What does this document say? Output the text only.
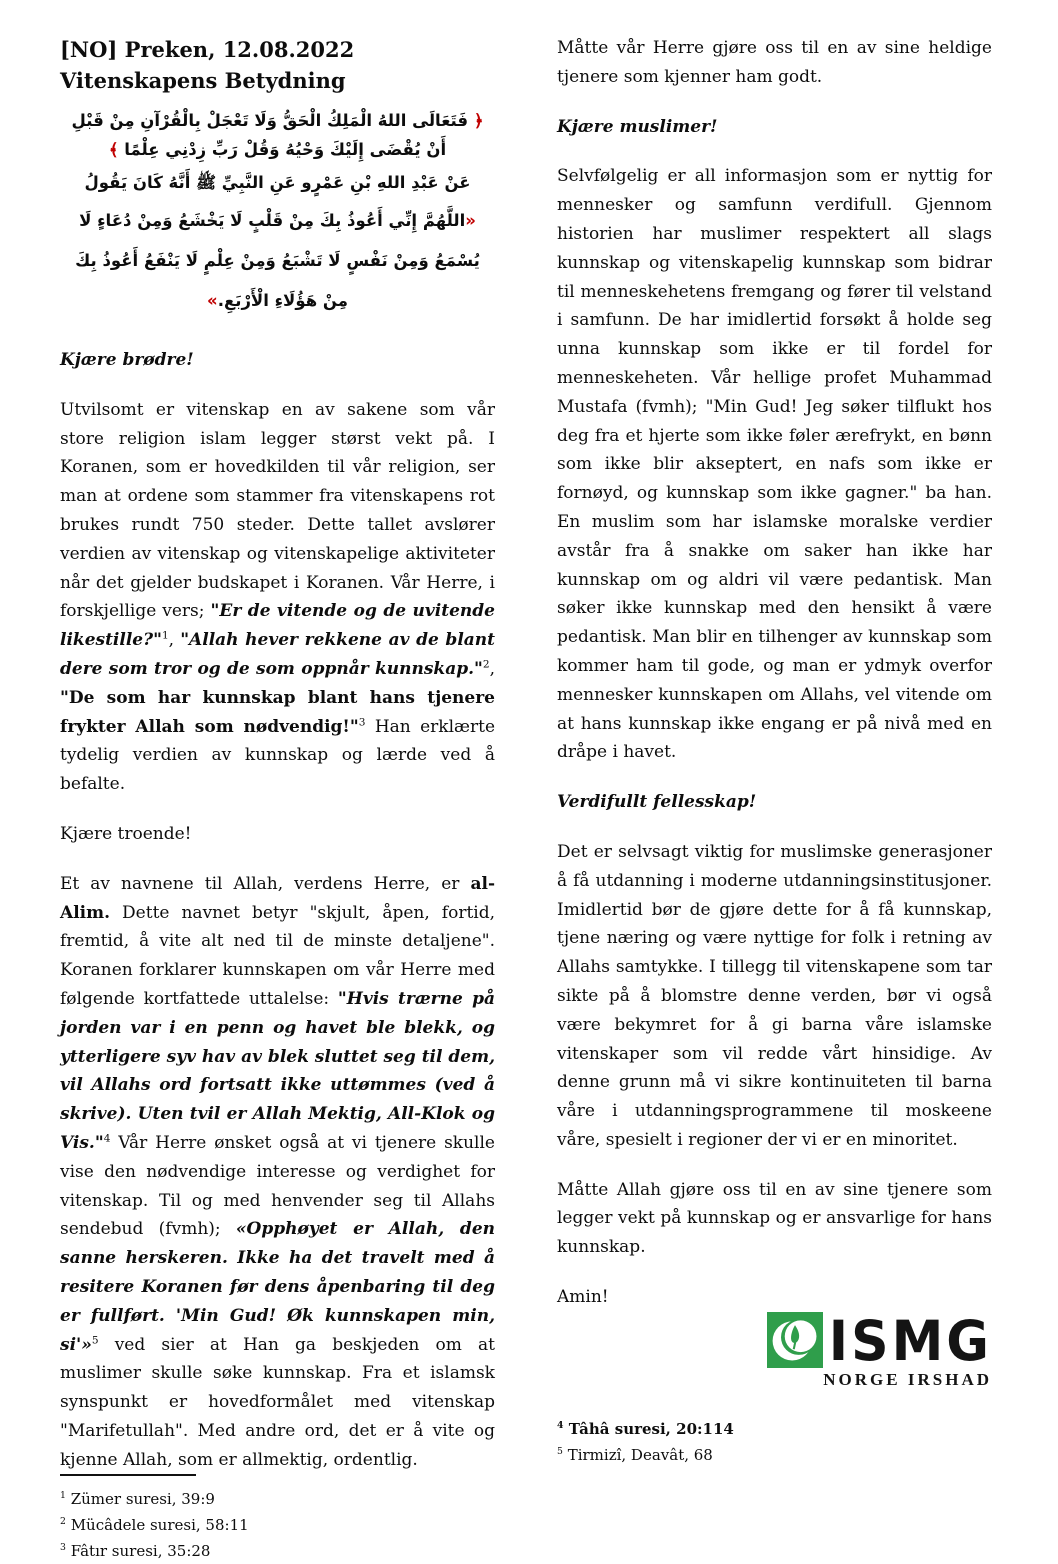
[NO] Preken, 12.08.2022
Vitenskapens Betydning
﴿ فَتَعَالَى اللهُ الْمَلِكُ الْحَقُّ وَلَا تَعْجَلْ بِالْقُرْآنِ مِنْ قَبْلِ أَنْ يُقْضَى إِلَيْكَ وَحْيُهُ وَقُلْ رَبِّ زِدْنِي عِلْمًا ﴾
عَنْ عَبْدِ اللهِ بْنِ عَمْرٍو عَنِ النَّبِيِّ ﷺ أَنَّهُ كَانَ يَقُولُ
«اللَّهُمَّ إِنِّي أَعُوذُ بِكَ مِنْ قَلْبٍ لَا يَخْشَعُ وَمِنْ دُعَاءٍ لَا يُسْمَعُ وَمِنْ نَفْسٍ لَا تَشْبَعُ وَمِنْ عِلْمٍ لَا يَنْفَعُ أَعُوذُ بِكَ مِنْ هَؤُلَاءِ الْأَرْبَعِ.»

Kjære brødre!

Utvilsomt er vitenskap en av sakene som vår store religion islam legger størst vekt på. I Koranen, som er hovedkilden til vår religion, ser man at ordene som stammer fra vitenskapens rot brukes rundt 750 steder. Dette tallet avslører verdien av vitenskap og vitenskapelige aktiviteter når det gjelder budskapet i Koranen. Vår Herre, i forskjellige vers; "Er de vitende og de uvitende likestille?"$^1$, "Allah hever rekkene av de blant dere som tror og de som oppnår kunnskap."$^2$, "De som har kunnskap blant hans tjenere frykter Allah som nødvendig!"$^3$ Han erklærte tydelig verdien av kunnskap og lærde ved å befalte.

Kjære troende!

Et av navnene til Allah, verdens Herre, er al-Alim. Dette navnet betyr "skjult, åpen, fortid, fremtid, å vite alt ned til de minste detaljene". Koranen forklarer kunnskapen om vår Herre med følgende kortfattede uttalelse: "Hvis trærne på jorden var i en penn og havet ble blekk, og ytterligere syv hav av blek sluttet seg til dem, vil Allahs ord fortsatt ikke uttømmes (ved å skrive). Uten tvil er Allah Mektig, All-Klok og Vis."$^4$ Vår Herre ønsket også at vi tjenere skulle vise den nødvendige interesse og verdighet for vitenskap. Til og med henvender seg til Allahs sendebud (fvmh); «Opphøyet er Allah, den sanne herskeren. Ikke ha det travelt med å resitere Koranen før dens åpenbaring til deg er fullført. 'Min Gud! Øk kunnskapen min, si'»$^5$ ved sier at Han ga beskjeden om at muslimer skulle søke kunnskap. Fra et islamsk synspunkt er hovedformålet med vitenskap "Marifetullah". Med andre ord, det er å vite og kjenne Allah, som er allmektig, ordentlig.

$^1$ Zümer suresi, 39:9
$^2$ Mücâdele suresi, 58:11
$^3$ Fâtır suresi, 35:28

Måtte vår Herre gjøre oss til en av sine heldige tjenere som kjenner ham godt.

Kjære muslimer!

Selvfølgelig er all informasjon som er nyttig for mennesker og samfunn verdifull. Gjennom historien har muslimer respektert all slags kunnskap og vitenskapelig kunnskap som bidrar til menneskehetens fremgang og fører til velstand i samfunn. De har imidlertid forsøkt å holde seg unna kunnskap som ikke er til fordel for menneskeheten. Vår hellige profet Muhammad Mustafa (fvmh); "Min Gud! Jeg søker tilflukt hos deg fra et hjerte som ikke føler ærefrykt, en bønn som ikke blir akseptert, en nafs som ikke er fornøyd, og kunnskap som ikke gagner." ba han. En muslim som har islamske moralske verdier avstår fra å snakke om saker han ikke har kunnskap om og aldri vil være pedantisk. Man søker ikke kunnskap med den hensikt å være pedantisk. Man blir en tilhenger av kunnskap som kommer ham til gode, og man er ydmyk overfor mennesker kunnskapen om Allahs, vel vitende om at hans kunnskap ikke engang er på nivå med en dråpe i havet.

Verdifullt fellesskap!

Det er selvsagt viktig for muslimske generasjoner å få utdanning i moderne utdanningsinstitusjoner. Imidlertid bør de gjøre dette for å få kunnskap, tjene næring og være nyttige for folk i retning av Allahs samtykke. I tillegg til vitenskapene som tar sikte på å blomstre denne verden, bør vi også være bekymret for å gi barna våre islamske vitenskaper som vil redde vårt hinsidige. Av denne grunn må vi sikre kontinuiteten til barna våre i utdanningsprogrammene til moskeene våre, spesielt i regioner der vi er en minoritet.

Måtte Allah gjøre oss til en av sine tjenere som legger vekt på kunnskap og er ansvarlige for hans kunnskap.

Amin!

ISMG
NORGE IRSHAD
$^4$ Tâhâ suresi, 20:114
$^5$ Tirmizî, Deavât, 68
